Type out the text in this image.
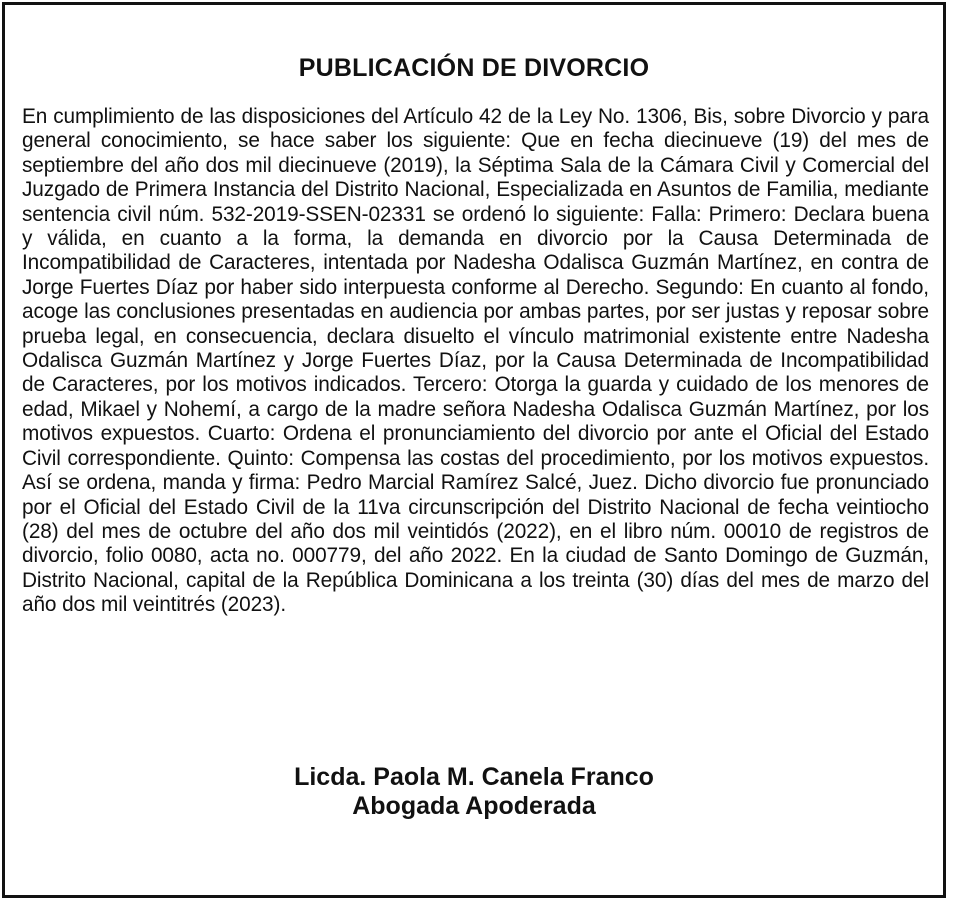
PUBLICACIÓN DE DIVORCIO

En cumplimiento de las disposiciones del Artículo 42 de la Ley No. 1306, Bis, sobre Divorcio y para general conocimiento, se hace saber los siguiente: Que en fecha diecinueve (19) del mes de septiembre del año dos mil diecinueve (2019), la Séptima Sala de la Cámara Civil y Comercial del Juzgado de Primera Instancia del Distrito Nacional, Especializada en Asuntos de Familia, mediante sentencia civil núm. 532-2019-SSEN-02331 se ordenó lo siguiente: Falla: Primero: Declara buena y válida, en cuanto a la forma, la demanda en divorcio por la Causa Determinada de Incompatibilidad de Caracteres, intentada por Nadesha Odalisca Guzmán Martínez, en contra de Jorge Fuertes Díaz por haber sido interpuesta conforme al Derecho. Segundo: En cuanto al fondo, acoge las conclusiones presentadas en audiencia por ambas partes, por ser justas y reposar sobre prueba legal, en consecuencia, declara disuelto el vínculo matrimonial existente entre Nadesha Odalisca Guzmán Martínez y Jorge Fuertes Díaz, por la Causa Determinada de Incompatibilidad de Caracteres, por los motivos indicados. Tercero: Otorga la guarda y cuidado de los menores de edad, Mikael y Nohemí, a cargo de la madre señora Nadesha Odalisca Guzmán Martínez, por los motivos expuestos. Cuarto: Ordena el pronunciamiento del divorcio por ante el Oficial del Estado Civil correspondiente. Quinto: Compensa las costas del procedimiento, por los motivos expuestos. Así se ordena, manda y firma: Pedro Marcial Ramírez Salcé, Juez. Dicho divorcio fue pronunciado por el Oficial del Estado Civil de la 11va circunscripción del Distrito Nacional de fecha veintiocho (28) del mes de octubre del año dos mil veintidós (2022), en el libro núm. 00010 de registros de divorcio, folio 0080, acta no. 000779, del año 2022. En la ciudad de Santo Domingo de Guzmán, Distrito Nacional, capital de la República Dominicana a los treinta (30) días del mes de marzo del año dos mil veintitrés (2023).

Licda. Paola M. Canela Franco
Abogada Apoderada
